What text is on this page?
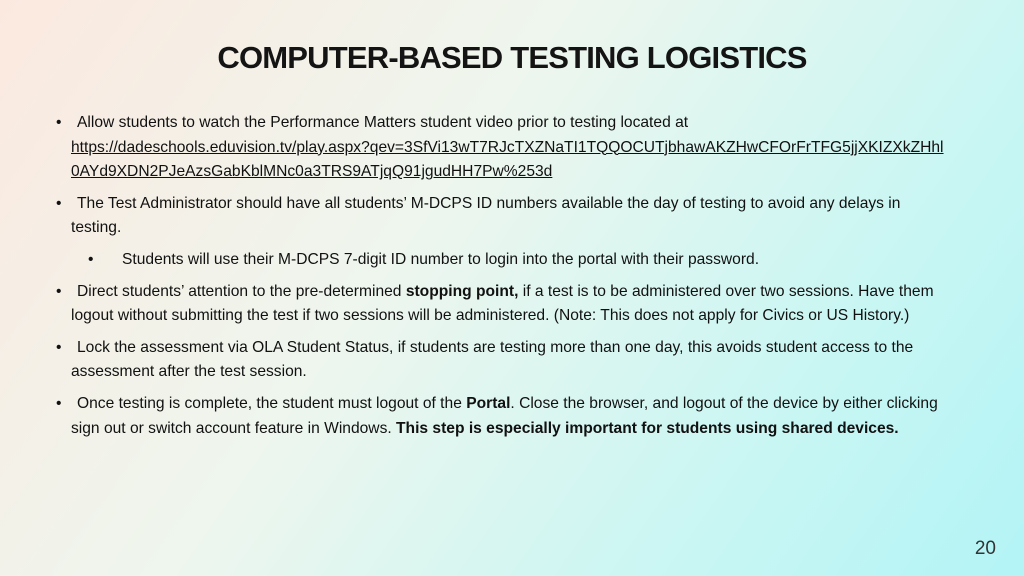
COMPUTER-BASED TESTING LOGISTICS
• Allow students to watch the Performance Matters student video prior to testing located at
https://dadeschools.eduvision.tv/play.aspx?qev=3SfVi13wT7RJcTXZNaTI1TQQOCUTjbhawAKZHwCFOrFrTFG5jjXKIZXkZHhl0AYd9XDN2PJeAzsGabKblMNc0a3TRS9ATjqQ91jgudHH7Pw%253d
• The Test Administrator should have all students’ M-DCPS ID numbers available the day of testing to avoid any delays in testing.
• Students will use their M-DCPS 7-digit ID number to login into the portal with their password.
• Direct students’ attention to the pre-determined stopping point, if a test is to be administered over two sessions. Have them logout without submitting the test if two sessions will be administered. (Note: This does not apply for Civics or US History.)
• Lock the assessment via OLA Student Status, if students are testing more than one day, this avoids student access to the assessment after the test session.
• Once testing is complete, the student must logout of the Portal. Close the browser, and logout of the device by either clicking sign out or switch account feature in Windows. This step is especially important for students using shared devices.
20
